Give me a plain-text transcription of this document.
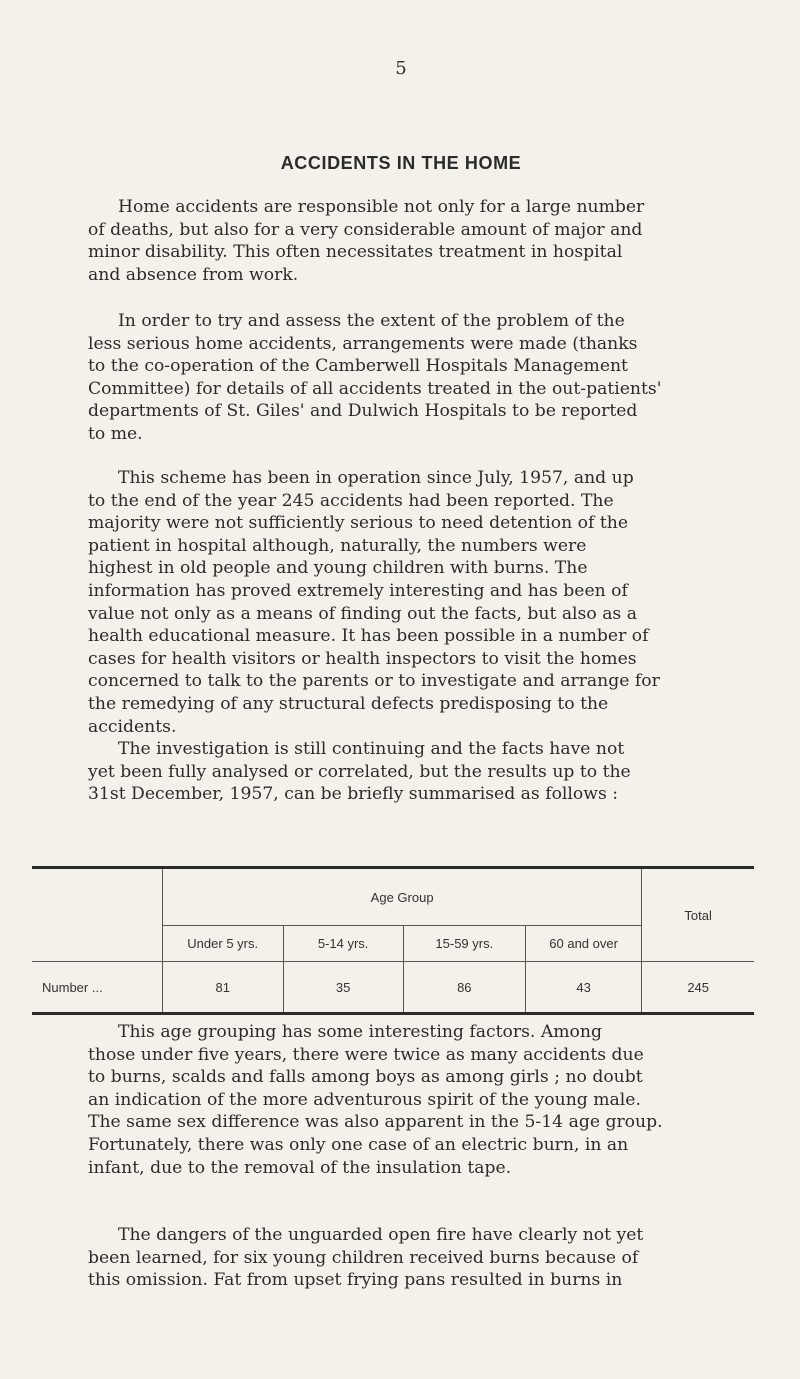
5
ACCIDENTS IN THE HOME
Home accidents are responsible not only for a large number
of deaths, but also for a very considerable amount of major and
minor disability. This often necessitates treatment in hospital
and absence from work.
In order to try and assess the extent of the problem of the
less serious home accidents, arrangements were made (thanks
to the co-operation of the Camberwell Hospitals Management
Committee) for details of all accidents treated in the out-patients'
departments of St. Giles' and Dulwich Hospitals to be reported
to me.
This scheme has been in operation since July, 1957, and up
to the end of the year 245 accidents had been reported. The
majority were not sufficiently serious to need detention of the
patient in hospital although, naturally, the numbers were
highest in old people and young children with burns. The
information has proved extremely interesting and has been of
value not only as a means of finding out the facts, but also as a
health educational measure. It has been possible in a number of
cases for health visitors or health inspectors to visit the homes
concerned to talk to the parents or to investigate and arrange for
the remedying of any structural defects predisposing to the
accidents.
The investigation is still continuing and the facts have not
yet been fully analysed or correlated, but the results up to the
31st December, 1957, can be briefly summarised as follows :
	Age Group				Total
	Under 5 yrs.	5-14 yrs.	15-59 yrs.	60 and over	
Number ...	81	35	86	43	245
This age grouping has some interesting factors. Among
those under five years, there were twice as many accidents due
to burns, scalds and falls among boys as among girls ; no doubt
an indication of the more adventurous spirit of the young male.
The same sex difference was also apparent in the 5-14 age group.
Fortunately, there was only one case of an electric burn, in an
infant, due to the removal of the insulation tape.
The dangers of the unguarded open fire have clearly not yet
been learned, for six young children received burns because of
this omission. Fat from upset frying pans resulted in burns in
